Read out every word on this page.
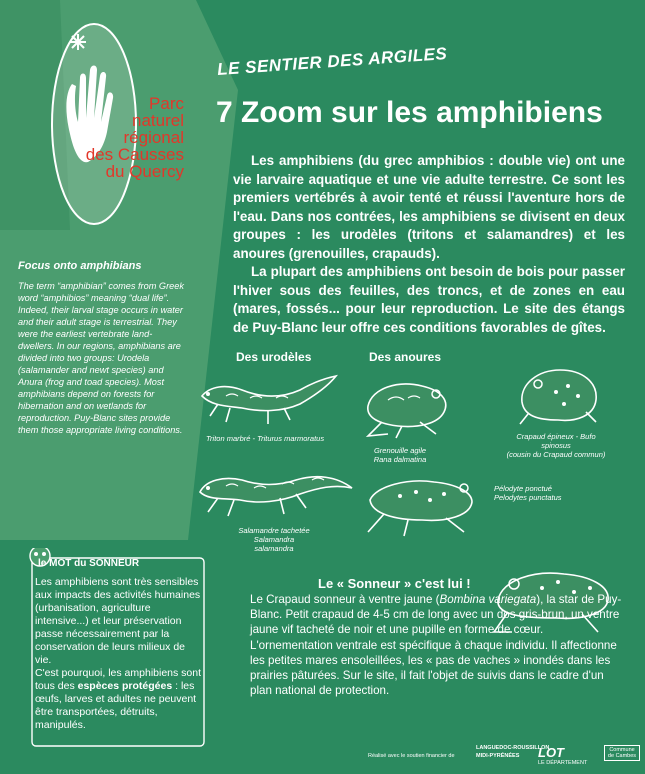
Parc
naturel
régional
des Causses
du Quercy
LE SENTIER DES ARGILES
7 Zoom sur les amphibiens

Les amphibiens (du grec amphibios : double vie) ont une vie larvaire aquatique et une vie adulte terrestre. Ce sont les premiers vertébrés à avoir tenté et réussi l'aventure hors de l'eau. Dans nos contrées, les amphibiens se divisent en deux groupes : les urodèles (tritons et salamandres) et les anoures (grenouilles, crapauds).

La plupart des amphibiens ont besoin de bois pour passer l'hiver sous des feuilles, des troncs, et de zones en eau (mares, fossés... pour leur reproduction. Le site des étangs de Puy-Blanc leur offre ces conditions favorables de gîtes.

Focus onto amphibians
The term “amphibian” comes from Greek word “amphibios” meaning “dual life”. Indeed, their larval stage occurs in water and their adult stage is terrestrial. They were the earliest vertebrate land-dwellers. In our regions, amphibians are divided into two groups: Urodela (salamander and newt species) and Anura (frog and toad species). Most amphibians depend on forests for hibernation and on wetlands for reproduction. Puy-Blanc sites provide them those appropriate living conditions.
Des urodèles	Des anoures
Triton marbré - Triturus marmoratus
Grenouille agile
Rana dalmatina
Crapaud épineux - Bufo spinosus
(cousin du Crapaud commun)
Pélodyte ponctué
Pelodytes punctatus
Salamandre tachetée
Salamandra salamandra
le MOT du SONNEUR

Les amphibiens sont très sensibles aux impacts des activités humaines (urbanisation, agriculture intensive...) et leur préservation passe nécessairement par la conservation de leurs milieux de vie.

C'est pourquoi, les amphibiens sont tous des espèces protégées : les œufs, larves et adultes ne peuvent être transportées, détruits, manipulés.

Le « Sonneur » c'est lui !

Le Crapaud sonneur à ventre jaune (Bombina variegata), la star de Puy-Blanc. Petit crapaud de 4-5 cm de long avec un dos gris-brun, un ventre jaune vif tacheté de noir et une pupille en forme de cœur. L'ornementation ventrale est spécifique à chaque individu. Il affectionne les petites mares ensoleillées, les « pas de vaches » inondés dans les prairies pâturées. Sur le site, il fait l'objet de suivis dans le cadre d'un plan national de protection.

Réalisé avec le soutien financier de
LANGUEDOC-ROUSSILLON
MIDI-PYRÉNÉES LOT
LE DÉPARTEMENT
Commune de Cambes
